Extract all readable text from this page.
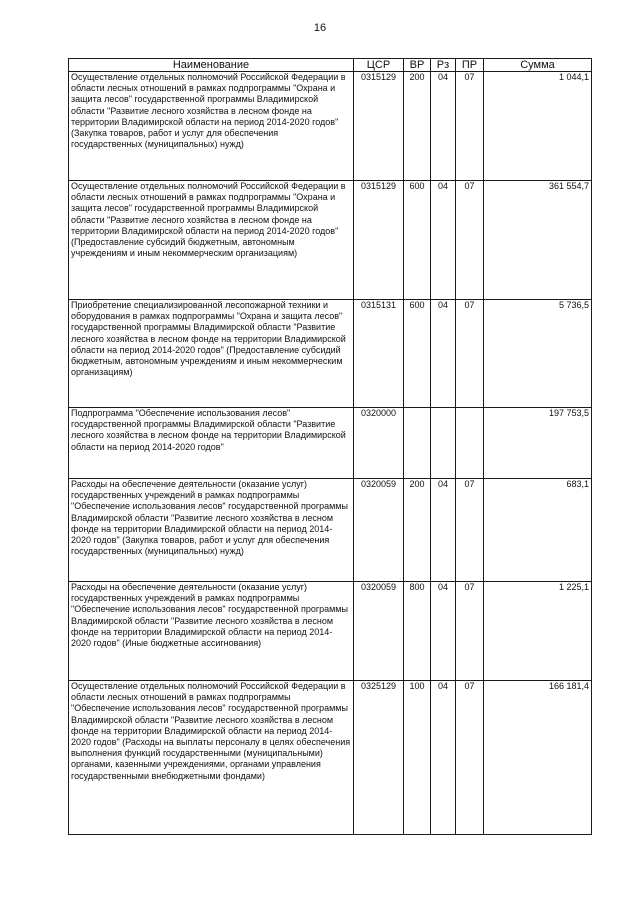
16
Наименование	ЦСР	ВР	Рз	ПР	Сумма
Осуществление отдельных полномочий Российской Федерации в области лесных отношений в рамках подпрограммы "Охрана и защита лесов" государственной программы Владимирской области "Развитие лесного хозяйства в лесном фонде на территории Владимирской области на период 2014-2020 годов" (Закупка товаров, работ и услуг для обеспечения государственных (муниципальных) нужд)	0315129	200	04	07	1 044,1
Осуществление отдельных полномочий Российской Федерации в области лесных отношений в рамках подпрограммы "Охрана и защита лесов" государственной программы Владимирской области "Развитие лесного хозяйства в лесном фонде на территории Владимирской области на период 2014-2020 годов" (Предоставление субсидий бюджетным, автономным учреждениям и иным некоммерческим организациям)	0315129	600	04	07	361 554,7
Приобретение специализированной лесопожарной техники и оборудования в рамках подпрограммы "Охрана и защита лесов" государственной программы Владимирской области "Развитие лесного хозяйства в лесном фонде на территории Владимирской области на период 2014-2020 годов" (Предоставление субсидий бюджетным, автономным учреждениям и иным некоммерческим организациям)	0315131	600	04	07	5 736,5
Подпрограмма "Обеспечение использования лесов" государственной программы Владимирской области "Развитие лесного хозяйства в лесном фонде на территории Владимирской области на период 2014-2020 годов"	0320000				197 753,5
Расходы на обеспечение деятельности (оказание услуг) государственных учреждений в рамках подпрограммы "Обеспечение использования лесов" государственной программы Владимирской области "Развитие лесного хозяйства в лесном фонде на территории Владимирской области на период 2014-2020 годов" (Закупка товаров, работ и услуг для обеспечения государственных (муниципальных) нужд)	0320059	200	04	07	683,1
Расходы на обеспечение деятельности (оказание услуг) государственных учреждений в рамках подпрограммы "Обеспечение использования лесов" государственной программы Владимирской области "Развитие лесного хозяйства в лесном фонде на территории Владимирской области на период 2014-2020 годов" (Иные бюджетные ассигнования)	0320059	800	04	07	1 225,1
Осуществление отдельных полномочий Российской Федерации в области лесных отношений в рамках подпрограммы "Обеспечение использования лесов" государственной программы Владимирской области "Развитие лесного хозяйства в лесном фонде на территории Владимирской области на период 2014-2020 годов" (Расходы на выплаты персоналу в целях обеспечения выполнения функций государственными (муниципальными) органами, казенными учреждениями, органами управления государственными внебюджетными фондами)	0325129	100	04	07	166 181,4
